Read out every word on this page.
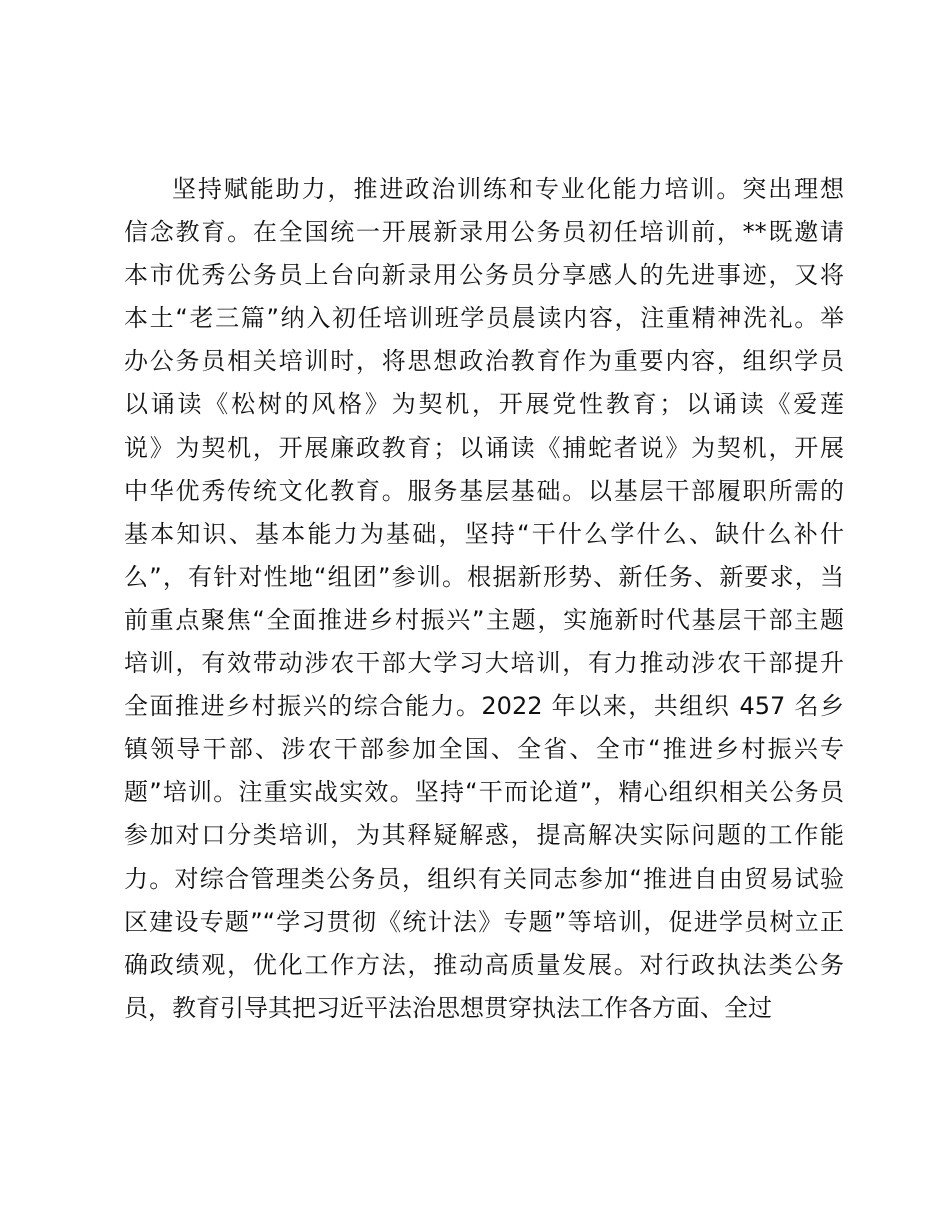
坚持赋能助力，推进政治训练和专业化能力培训。突出理想
信念教育。在全国统一开展新录用公务员初任培训前，**既邀请
本市优秀公务员上台向新录用公务员分享感人的先进事迹，又将
本土“老三篇”纳入初任培训班学员晨读内容，注重精神洗礼。举
办公务员相关培训时，将思想政治教育作为重要内容，组织学员
以诵读《松树的风格》为契机，开展党性教育；以诵读《爱莲
说》为契机，开展廉政教育；以诵读《捕蛇者说》为契机，开展
中华优秀传统文化教育。服务基层基础。以基层干部履职所需的
基本知识、基本能力为基础，坚持“干什么学什么、缺什么补什
么”，有针对性地“组团”参训。根据新形势、新任务、新要求，当
前重点聚焦“全面推进乡村振兴”主题，实施新时代基层干部主题
培训，有效带动涉农干部大学习大培训，有力推动涉农干部提升
全面推进乡村振兴的综合能力。2022 年以来，共组织 457 名乡
镇领导干部、涉农干部参加全国、全省、全市“推进乡村振兴专
题”培训。注重实战实效。坚持“干而论道”，精心组织相关公务员
参加对口分类培训，为其释疑解惑，提高解决实际问题的工作能
力。对综合管理类公务员，组织有关同志参加“推进自由贸易试验
区建设专题”“学习贯彻《统计法》专题”等培训，促进学员树立正
确政绩观，优化工作方法，推动高质量发展。对行政执法类公务
员，教育引导其把习近平法治思想贯穿执法工作各方面、全过
